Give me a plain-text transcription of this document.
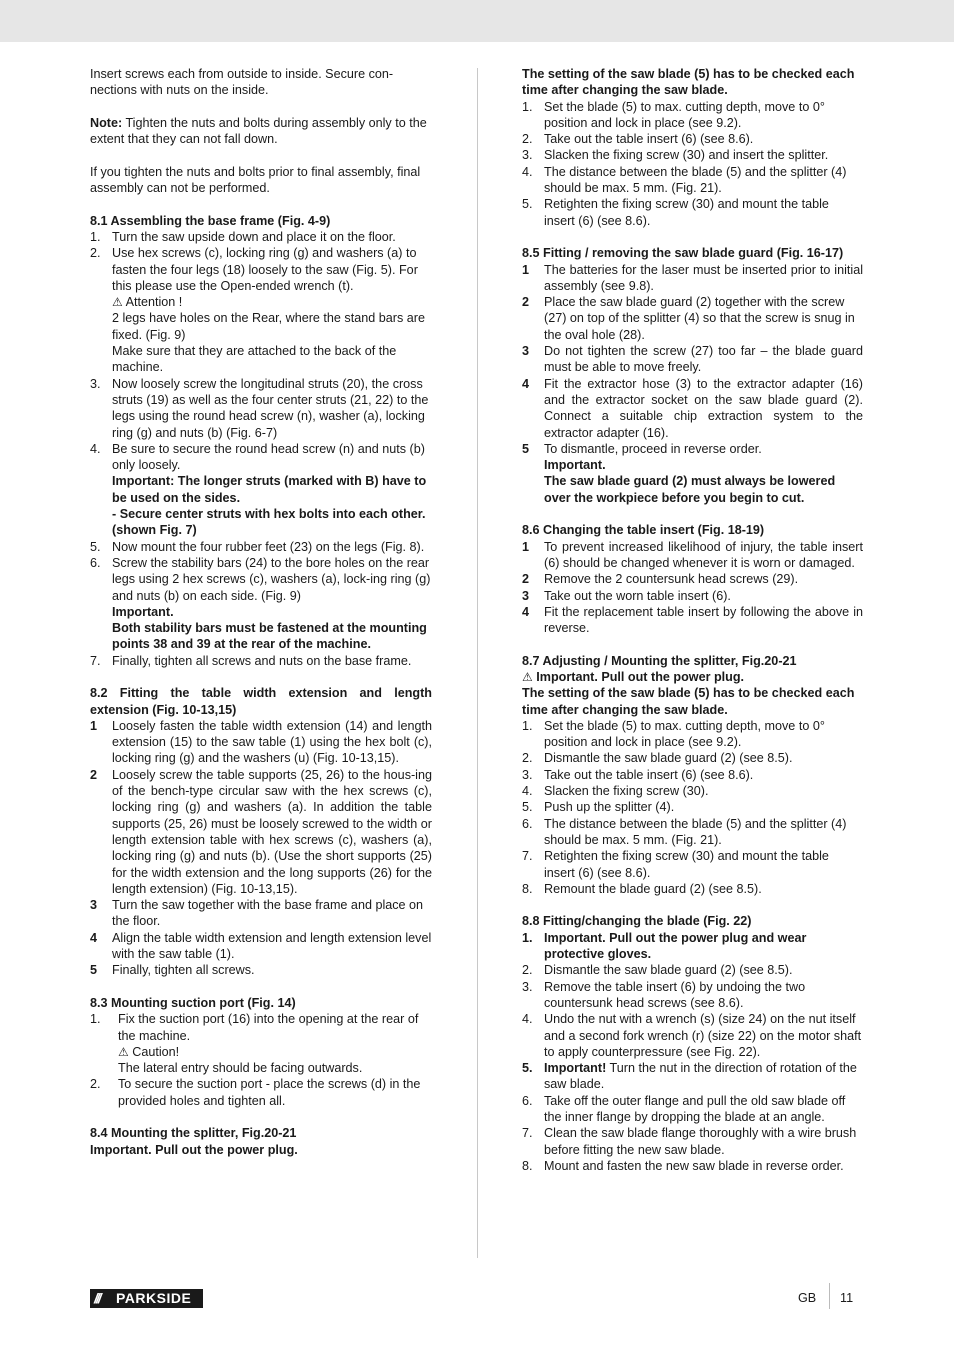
Insert screws each from outside to inside. Secure con-nections with nuts on the inside.

Note: Tighten the nuts and bolts during assembly only to the extent that they can not fall down.

If you tighten the nuts and bolts prior to final assembly, final assembly can not be performed.

8.1 Assembling the base frame (Fig. 4-9)

1. Turn the saw upside down and place it on the floor.
2. Use hex screws (c), locking ring (g) and washers (a) to fasten the four legs (18) loosely to the saw (Fig. 5). For this please use the Open-ended wrench (t).
⚠ Attention !
2 legs have holes on the Rear, where the stand bars are fixed. (Fig. 9)
Make sure that they are attached to the back of the machine.
3. Now loosely screw the longitudinal struts (20), the cross struts (19) as well as the four center struts (21, 22) to the legs using the round head screw (n), washer (a), locking ring (g) and nuts (b) (Fig. 6-7)
4. Be sure to secure the round head screw (n) and nuts (b) only loosely.
Important: The longer struts (marked with B) have to be used on the sides.
- Secure center struts with hex bolts into each other. (shown Fig. 7)
5. Now mount the four rubber feet (23) on the legs (Fig. 8).
6. Screw the stability bars (24) to the bore holes on the rear legs using 2 hex screws (c), washers (a), lock-ing ring (g) and nuts (b) on each side. (Fig. 9)
Important.
Both stability bars must be fastened at the mounting points 38 and 39 at the rear of the machine.
7. Finally, tighten all screws and nuts on the base frame.

8.2 Fitting the table width extension and length extension (Fig. 10-13,15)

1	Loosely fasten the table width extension (14) and length extension (15) to the saw table (1) using the hex bolt (c), locking ring (g) and the washers (u) (Fig. 10-13,15).
2	Loosely screw the table supports (25, 26) to the hous-ing of the bench-type circular saw with the hex screws (c), locking ring (g) and washers (a). In addition the table supports (25, 26) must be loosely screwed to the width or length extension table with hex screws (c), washers (a), locking ring (g) and nuts (b). (Use the short supports (25) for the width extension and the long supports (26) for the length extension) (Fig. 10-13,15).
3	Turn the saw together with the base frame and place on the floor.
4	Align the table width extension and length extension level with the saw table (1).
5	Finally, tighten all screws.

8.3 Mounting suction port (Fig. 14)

1.	Fix the suction port (16) into the opening at the rear of the machine.
⚠ Caution!
The lateral entry should be facing outwards.
2.	To secure the suction port - place the screws (d) in the provided holes and tighten all.

8.4 Mounting the splitter, Fig.20-21

Important. Pull out the power plug.

The setting of the saw blade (5) has to be checked each time after changing the saw blade.

1. Set the blade (5) to max. cutting depth, move to 0° position and lock in place (see 9.2).
2. Take out the table insert (6) (see 8.6).
3. Slacken the fixing screw (30) and insert the splitter.
4. The distance between the blade (5) and the splitter (4) should be max. 5 mm. (Fig. 21).
5. Retighten the fixing screw (30) and mount the table insert (6) (see 8.6).

8.5 Fitting / removing the saw blade guard (Fig. 16-17)

1	The batteries for the laser must be inserted prior to initial assembly (see 9.8).
2	Place the saw blade guard (2) together with the screw (27) on top of the splitter (4) so that the screw is snug in the oval hole (28).
3	Do not tighten the screw (27) too far – the blade guard must be able to move freely.
4	Fit the extractor hose (3) to the extractor adapter (16) and the extractor socket on the saw blade guard (2). Connect a suitable chip extraction system to the extractor adapter (16).
5	To dismantle, proceed in reverse order.
Important.
The saw blade guard (2) must always be lowered over the workpiece before you begin to cut.

8.6 Changing the table insert (Fig. 18-19)

1	To prevent increased likelihood of injury, the table insert (6) should be changed whenever it is worn or damaged.
2	Remove the 2 countersunk head screws (29).
3	Take out the worn table insert (6).
4	Fit the replacement table insert by following the above in reverse.

8.7 Adjusting / Mounting the splitter, Fig.20-21

⚠ Important. Pull out the power plug.

The setting of the saw blade (5) has to be checked each time after changing the saw blade.

1. Set the blade (5) to max. cutting depth, move to 0° position and lock in place (see 9.2).
2. Dismantle the saw blade guard (2) (see 8.5).
3. Take out the table insert (6) (see 8.6).
4. Slacken the fixing screw (30).
5. Push up the splitter (4).
6. The distance between the blade (5) and the splitter (4) should be max. 5 mm. (Fig. 21).
7. Retighten the fixing screw (30) and mount the table insert (6) (see 8.6).
8. Remount the blade guard (2) (see 8.5).

8.8 Fitting/changing the blade (Fig. 22)

1. Important. Pull out the power plug and wear protective gloves.
2. Dismantle the saw blade guard (2) (see 8.5).
3. Remove the table insert (6) by undoing the two countersunk head screws (see 8.6).
4. Undo the nut with a wrench (s) (size 24) on the nut itself and a second fork wrench (r) (size 22) on the motor shaft to apply counterpressure (see Fig. 22).
5. Important! Turn the nut in the direction of rotation of the saw blade.
6. Take off the outer flange and pull the old saw blade off the inner flange by dropping the blade at an angle.
7. Clean the saw blade flange thoroughly with a wire brush before fitting the new saw blade.
8. Mount and fasten the new saw blade in reverse order.
///	PARKSIDE	GB 11
